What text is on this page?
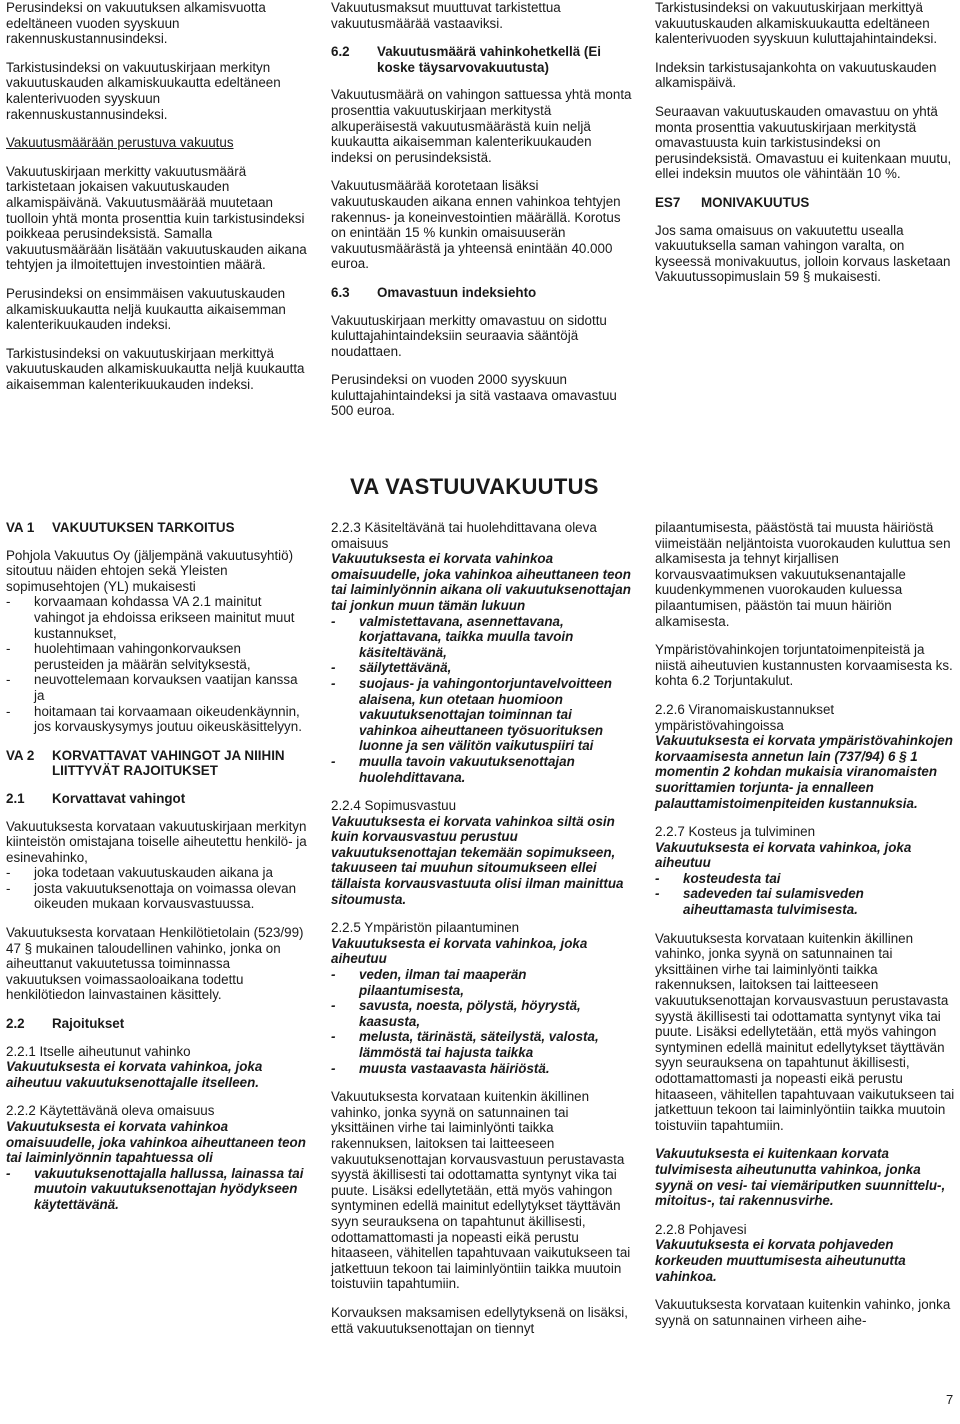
Perusindeksi on vakuutuksen alkamisvuotta edeltäneen vuoden syyskuun rakennuskustannusindeksi.

Tarkistusindeksi on vakuutuskirjaan merkityn vakuutuskauden alkamiskuukautta edeltäneen kalenterivuoden syyskuun rakennuskustannusindeksi.

Vakuutusmäärään perustuva vakuutus

Vakuutuskirjaan merkitty vakuutusmäärä tarkistetaan jokaisen vakuutuskauden alkamispäivänä. Vakuutusmäärää muutetaan tuolloin yhtä monta prosenttia kuin tarkistusindeksi poikkeaa perusindeksistä. Samalla vakuutusmäärään lisätään vakuutuskauden aikana tehtyjen ja ilmoitettujen investointien määrä.

Perusindeksi on ensimmäisen vakuutuskauden alkamiskuukautta neljä kuukautta aikaisemman kalenterikuukauden indeksi.

Tarkistusindeksi on vakuutuskirjaan merkittyä vakuutuskauden alkamiskuukautta neljä kuukautta aikaisemman kalenterikuukauden indeksi.

Vakuutusmaksut muuttuvat tarkistettua vakuutusmäärää vastaaviksi.

6.2	Vakuutusmäärä vahinkohetkellä (Ei koske täysarvovakuutusta)

Vakuutusmäärä on vahingon sattuessa yhtä monta prosenttia vakuutuskirjaan merkitystä alkuperäisestä vakuutusmäärästä kuin neljä kuukautta aikaisemman kalenterikuukauden indeksi on perusindeksistä.

Vakuutusmäärää korotetaan lisäksi vakuutuskauden aikana ennen vahinkoa tehtyjen rakennus- ja koneinvestointien määrällä. Korotus on enintään 15 % kunkin omaisuuserän vakuutusmäärästä ja yhteensä enintään 40.000 euroa.

6.3	Omavastuun indeksiehto

Vakuutuskirjaan merkitty omavastuu on sidottu kuluttajahintaindeksiin seuraavia sääntöjä noudattaen.

Perusindeksi on vuoden 2000 syyskuun kuluttajahintaindeksi ja sitä vastaava omavastuu 500 euroa.

Tarkistusindeksi on vakuutuskirjaan merkittyä vakuutuskauden alkamiskuukautta edeltäneen kalenterivuoden syyskuun kuluttajahintaindeksi.

Indeksin tarkistusajankohta on vakuutuskauden alkamispäivä.

Seuraavan vakuutuskauden omavastuu on yhtä monta prosenttia vakuutuskirjaan merkitystä omavastuusta kuin tarkistusindeksi on perusindeksistä. Omavastuu ei kuitenkaan muutu, ellei indeksin muutos ole vähintään 10 %.

ES7	MONIVAKUUTUS

Jos sama omaisuus on vakuutettu usealla vakuutuksella saman vahingon varalta, on kyseessä monivakuutus, jolloin korvaus lasketaan Vakuutussopimuslain 59 § mukaisesti.

VA VASTUUVAKUUTUS
VA 1	VAKUUTUKSEN TARKOITUS

Pohjola Vakuutus Oy (jäljempänä vakuutusyhtiö) sitoutuu näiden ehtojen sekä Yleisten sopimusehtojen (YL) mukaisesti

- korvaamaan kohdassa VA 2.1 mainitut vahingot ja ehdoissa erikseen mainitut muut kustannukset,
- huolehtimaan vahingonkorvauksen perusteiden ja määrän selvityksestä,
- neuvottelemaan korvauksen vaatijan kanssa ja
- hoitamaan tai korvaamaan oikeudenkäynnin, jos korvauskysymys joutuu oikeuskäsittelyyn.
VA 2	KORVATTAVAT VAHINGOT JA NIIHIN LIITTYVÄT RAJOITUKSET
2.1	Korvattavat vahingot

Vakuutuksesta korvataan vakuutuskirjaan merkityn kiinteistön omistajana toiselle aiheutettu henkilö- ja esinevahinko,

- joka todetaan vakuutuskauden aikana ja
- josta vakuutuksenottaja on voimassa olevan oikeuden mukaan korvausvastuussa.

Vakuutuksesta korvataan Henkilötietolain (523/99) 47 § mukainen taloudellinen vahinko, jonka on aiheuttanut vakuutetussa toiminnassa vakuutuksen voimassaoloaikana todettu henkilötiedon lainvastainen käsittely.

2.2	Rajoitukset
2.2.1 Itselle aiheutunut vahinko

Vakuutuksesta ei korvata vahinkoa, joka aiheutuu vakuutuksenottajalle itselleen.

2.2.2 Käytettävänä oleva omaisuus

Vakuutuksesta ei korvata vahinkoa omaisuudelle, joka vahinkoa aiheuttaneen teon tai laiminlyönnin tapahtuessa oli

- vakuutuksenottajalla hallussa, lainassa tai muutoin vakuutuksenottajan hyödykseen käytettävänä.
2.2.3 Käsiteltävänä tai huolehdittavana oleva omaisuus

Vakuutuksesta ei korvata vahinkoa omaisuudelle, joka vahinkoa aiheuttaneen teon tai laiminlyönnin aikana oli vakuutuksenottajan tai jonkun muun tämän lukuun

- valmistettavana, asennettavana, korjattavana, taikka muulla tavoin käsiteltävänä,
- säilytettävänä,
- suojaus- ja vahingontorjuntavelvoitteen alaisena, kun otetaan huomioon vakuutuksenottajan toiminnan tai vahinkoa aiheuttaneen työsuorituksen luonne ja sen välitön vaikutuspiiri tai
- muulla tavoin vakuutuksenottajan huolehdittavana.
2.2.4 Sopimusvastuu

Vakuutuksesta ei korvata vahinkoa siltä osin kuin korvausvastuu perustuu vakuutuksenottajan tekemään sopimukseen, takuuseen tai muuhun sitoumukseen ellei tällaista korvausvastuuta olisi ilman mainittua sitoumusta.

2.2.5 Ympäristön pilaantuminen

Vakuutuksesta ei korvata vahinkoa, joka aiheutuu

- veden, ilman tai maaperän pilaantumisesta,
- savusta, noesta, pölystä, höyrystä, kaasusta,
- melusta, tärinästä, säteilystä, valosta, lämmöstä tai hajusta taikka
- muusta vastaavasta häiriöstä.

Vakuutuksesta korvataan kuitenkin äkillinen vahinko, jonka syynä on satunnainen tai yksittäinen virhe tai laiminlyönti taikka rakennuksen, laitoksen tai laitteeseen vakuutuksenottajan korvausvastuun perustavasta syystä äkillisesti tai odottamatta syntynyt vika tai puute. Lisäksi edellytetään, että myös vahingon syntyminen edellä mainitut edellytykset täyttävän syyn seurauksena on tapahtunut äkillisesti, odottamattomasti ja nopeasti eikä perustu hitaaseen, vähitellen tapahtuvaan vaikutukseen tai jatkettuun tekoon tai laiminlyöntiin taikka muutoin toistuviin tapahtumiin.

Korvauksen maksamisen edellytyksenä on lisäksi, että vakuutuksenottajan on tiennyt

pilaantumisesta, päästöstä tai muusta häiriöstä viimeistään neljäntoista vuorokauden kuluttua sen alkamisesta ja tehnyt kirjallisen korvausvaatimuksen vakuutuksenantajalle kuudenkymmenen vuorokauden kuluessa pilaantumisen, päästön tai muun häiriön alkamisesta.

Ympäristövahinkojen torjuntatoimenpiteistä ja niistä aiheutuvien kustannusten korvaamisesta ks. kohta 6.2 Torjuntakulut.

2.2.6 Viranomaiskustannukset ympäristövahingoissa

Vakuutuksesta ei korvata ympäristövahinkojen korvaamisesta annetun lain (737/94) 6 § 1 momentin 2 kohdan mukaisia viranomaisten suorittamien torjunta- ja ennalleen palauttamistoimenpiteiden kustannuksia.

2.2.7 Kosteus ja tulviminen

Vakuutuksesta ei korvata vahinkoa, joka aiheutuu

- kosteudesta tai
- sadeveden tai sulamisveden aiheuttamasta tulvimisesta.

Vakuutuksesta korvataan kuitenkin äkillinen vahinko, jonka syynä on satunnainen tai yksittäinen virhe tai laiminlyönti taikka rakennuksen, laitoksen tai laitteeseen vakuutuksenottajan korvausvastuun perustavasta syystä äkillisesti tai odottamatta syntynyt vika tai puute. Lisäksi edellytetään, että myös vahingon syntyminen edellä mainitut edellytykset täyttävän syyn seurauksena on tapahtunut äkillisesti, odottamattomasti ja nopeasti eikä perustu hitaaseen, vähitellen tapahtuvaan vaikutukseen tai jatkettuun tekoon tai laiminlyöntiin taikka muutoin toistuviin tapahtumiin.

Vakuutuksesta ei kuitenkaan korvata tulvimisesta aiheutunutta vahinkoa, jonka syynä on vesi- tai viemäriputken suunnittelu-, mitoitus-, tai rakennusvirhe.

2.2.8 Pohjavesi

Vakuutuksesta ei korvata pohjaveden korkeuden muuttumisesta aiheutunutta vahinkoa.

Vakuutuksesta korvataan kuitenkin vahinko, jonka syynä on satunnainen virheen aihe-

7
